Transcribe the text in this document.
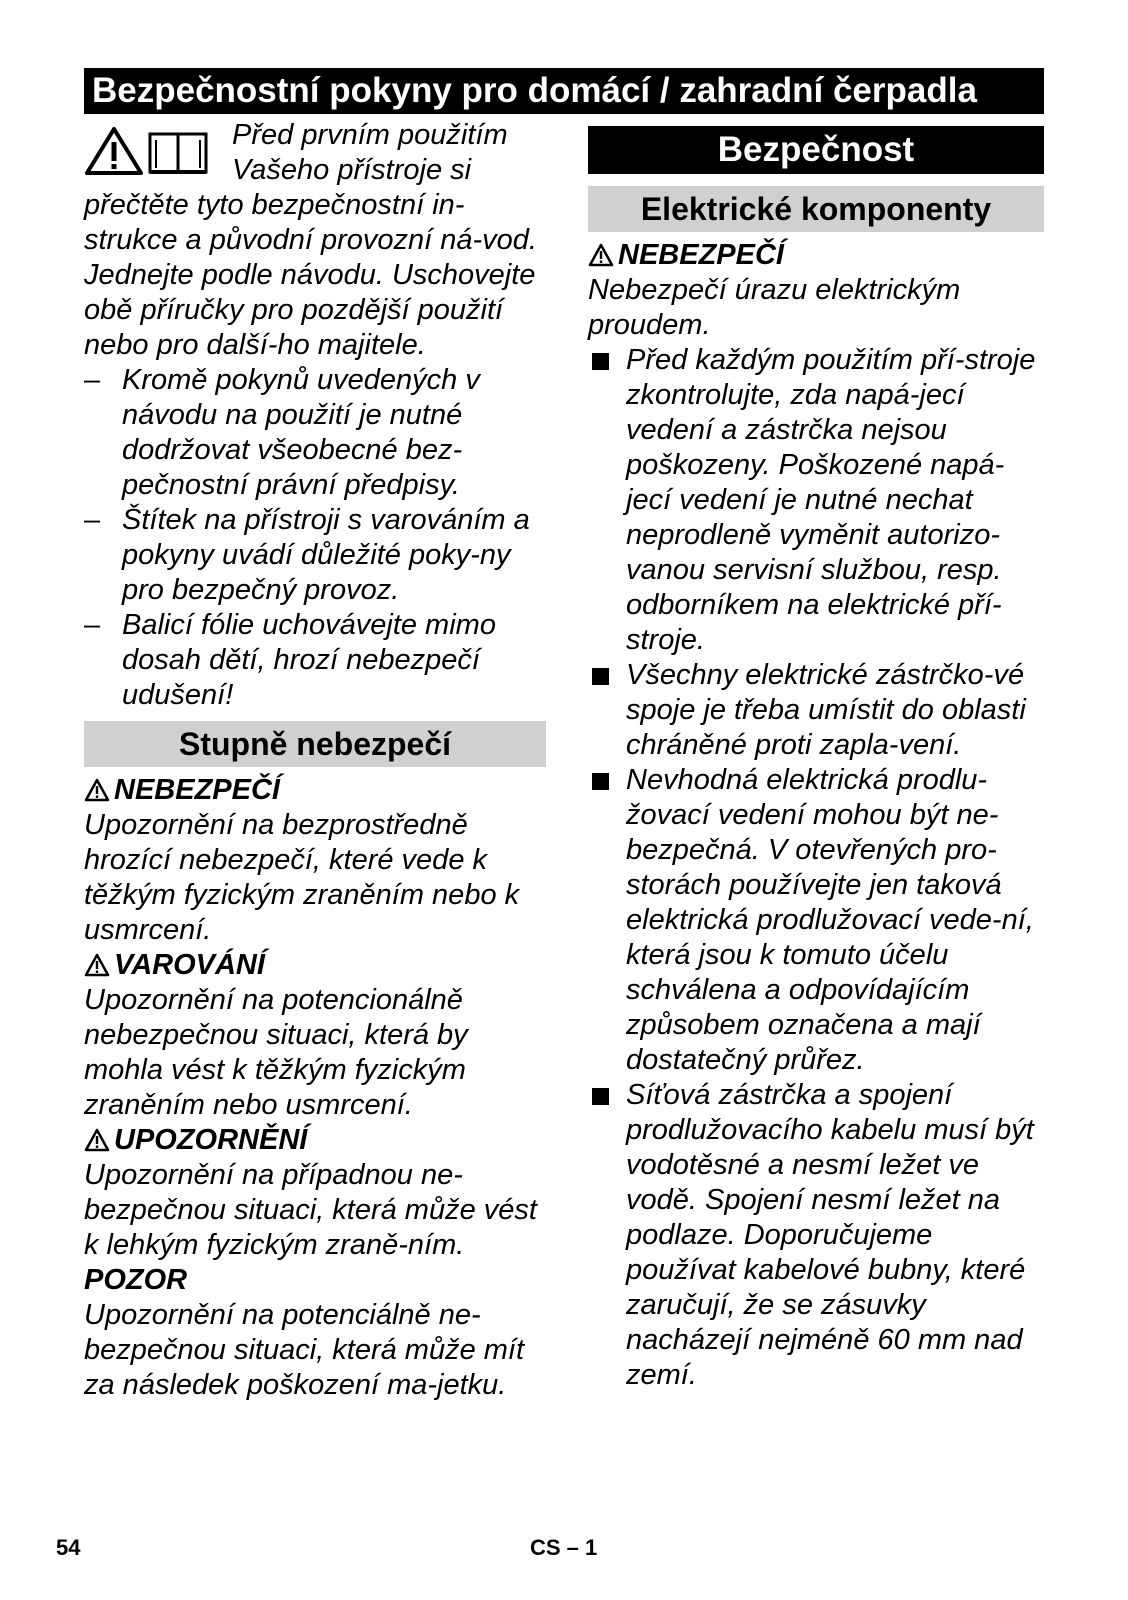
Bezpečnostní pokyny pro domácí / zahradní čerpadla
Před prvním použitím
Vašeho přístroje si
přečtěte tyto bezpečnostní in-strukce a původní provozní ná-vod. Jednejte podle návodu. Uschovejte obě příručky pro pozdější použití nebo pro další-ho majitele.
– Kromě pokynů uvedených v návodu na použití je nutné dodržovat všeobecné bez-pečnostní právní předpisy.
– Štítek na přístroji s varováním a pokyny uvádí důležité poky-ny pro bezpečný provoz.
– Balicí fólie uchovávejte mimo dosah dětí, hrozí nebezpečí udušení!
Stupně nebezpečí
NEBEZPEČÍ
Upozornění na bezprostředně hrozící nebezpečí, které vede k těžkým fyzickým zraněním nebo k usmrcení.
VAROVÁNÍ
Upozornění na potencionálně nebezpečnou situaci, která by mohla vést k těžkým fyzickým zraněním nebo usmrcení.
UPOZORNĚNÍ
Upozornění na případnou ne-bezpečnou situaci, která může vést k lehkým fyzickým zraně-ním.
POZOR
Upozornění na potenciálně ne-bezpečnou situaci, která může mít za následek poškození ma-jetku.
Bezpečnost
Elektrické komponenty
NEBEZPEČÍ
Nebezpečí úrazu elektrickým proudem.
Před každým použitím pří-stroje zkontrolujte, zda napá-jecí vedení a zástrčka nejsou poškozeny. Poškozené napá-jecí vedení je nutné nechat neprodleně vyměnit autorizo-vanou servisní službou, resp. odborníkem na elektrické pří-stroje.
Všechny elektrické zástrčko-vé spoje je třeba umístit do oblasti chráněné proti zapla-vení.
Nevhodná elektrická prodlu-žovací vedení mohou být ne-bezpečná. V otevřených pro-storách používejte jen taková elektrická prodlužovací vede-ní, která jsou k tomuto účelu schválena a odpovídajícím způsobem označena a mají dostatečný průřez.
Síťová zástrčka a spojení prodlužovacího kabelu musí být vodotěsné a nesmí ležet ve vodě. Spojení nesmí ležet na podlaze. Doporučujeme používat kabelové bubny, které zaručují, že se zásuvky nacházejí nejméně 60 mm nad zemí.
54	CS – 1
